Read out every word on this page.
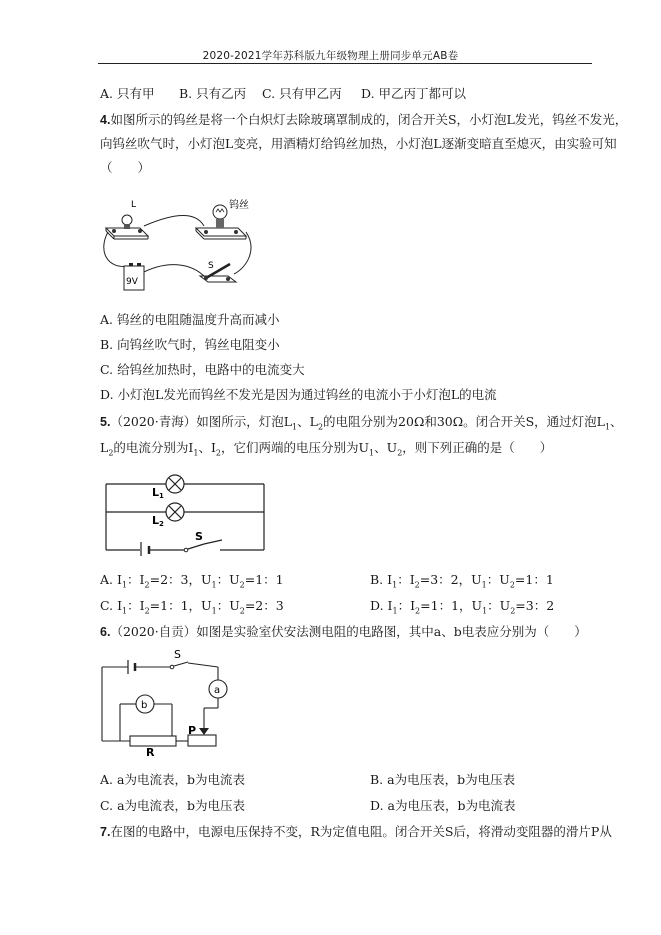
2020-2021学年苏科版九年级物理上册同步单元AB卷
A. 只有甲 B. 只有乙丙 C. 只有甲乙丙 D. 甲乙丙丁都可以
4.如图所示的钨丝是将一个白炽灯去除玻璃罩制成的，闭合开关S，小灯泡L发光，钨丝不发光，
向钨丝吹气时，小灯泡L变亮，用酒精灯给钨丝加热，小灯泡L逐渐变暗直至熄灭，由实验可知
（　　）
L	钨丝
9V
S
A. 钨丝的电阻随温度升高而减小
B. 向钨丝吹气时，钨丝电阻变小
C. 给钨丝加热时，电路中的电流变大
D. 小灯泡L发光而钨丝不发光是因为通过钨丝的电流小于小灯泡L的电流
5.（2020·青海）如图所示，灯泡$L_1$、$L_2$的电阻分别为20Ω和30Ω。闭合开关S，通过灯泡$L_1$、
$L_2$的电流分别为$I_1$、$I_2$，它们两端的电压分别为$U_1$、$U_2$，则下列正确的是（　　）
L1
L2
S
A. $I_1$：$I_2=2$：3，$U_1$：$U_2=1$：1	B. $I_1$：$I_2=3$：2，$U_1$：$U_2=1$：1
C. $I_1$：$I_2=1$：1，$U_1$：$U_2=2$：3	D. $I_1$：$I_2=1$：1，$U_1$：$U_2=3$：2
6.（2020·自贡）如图是实验室伏安法测电阻的电路图，其中a、b电表应分别为（　　）
S
a
b
R
P
A. a为电流表，b为电流表	B. a为电压表，b为电压表
C. a为电流表，b为电压表	D. a为电压表，b为电流表
7.在图的电路中，电源电压保持不变，R为定值电阻。闭合开关S后，将滑动变阻器的滑片P从
